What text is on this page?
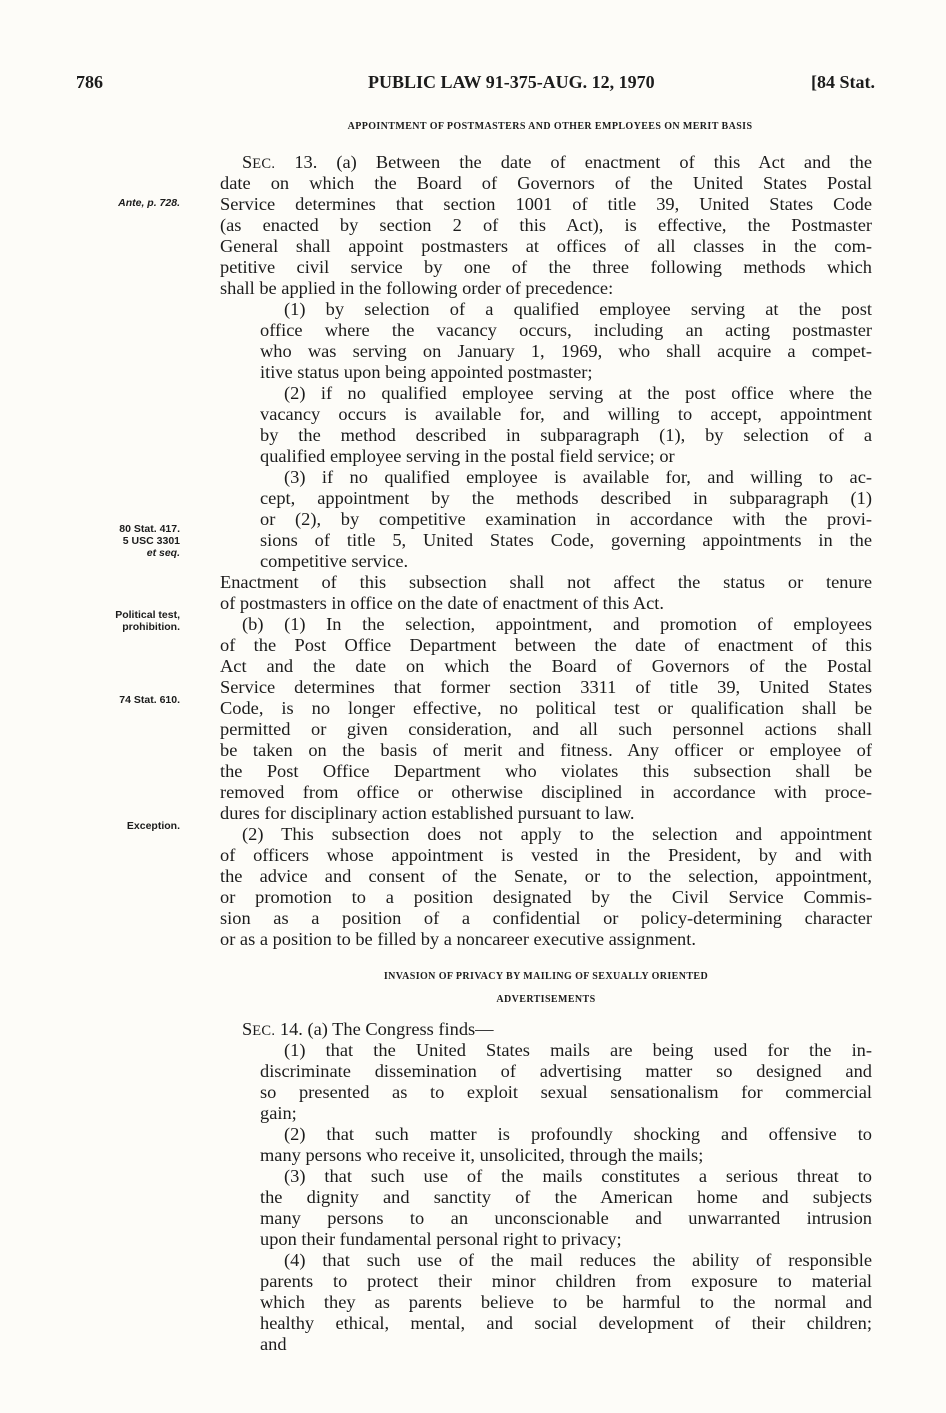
786	PUBLIC LAW 91-375-AUG. 12, 1970	[84 Stat.
APPOINTMENT OF POSTMASTERS AND OTHER EMPLOYEES ON MERIT BASIS
SEC. 13. (a) Between the date of enactment of this Act and the
date on which the Board of Governors of the United States Postal
Service determines that section 1001 of title 39, United States Code
(as enacted by section 2 of this Act), is effective, the Postmaster
General shall appoint postmasters at offices of all classes in the com-
petitive civil service by one of the three following methods which
shall be applied in the following order of precedence:
(1) by selection of a qualified employee serving at the post
office where the vacancy occurs, including an acting postmaster
who was serving on January 1, 1969, who shall acquire a compet-
itive status upon being appointed postmaster;
(2) if no qualified employee serving at the post office where the
vacancy occurs is available for, and willing to accept, appointment
by the method described in subparagraph (1), by selection of a
qualified employee serving in the postal field service; or
(3) if no qualified employee is available for, and willing to ac-
cept, appointment by the methods described in subparagraph (1)
or (2), by competitive examination in accordance with the provi-
sions of title 5, United States Code, governing appointments in the
competitive service.
Enactment of this subsection shall not affect the status or tenure
of postmasters in office on the date of enactment of this Act.
(b) (1) In the selection, appointment, and promotion of employees
of the Post Office Department between the date of enactment of this
Act and the date on which the Board of Governors of the Postal
Service determines that former section 3311 of title 39, United States
Code, is no longer effective, no political test or qualification shall be
permitted or given consideration, and all such personnel actions shall
be taken on the basis of merit and fitness. Any officer or employee of
the Post Office Department who violates this subsection shall be
removed from office or otherwise disciplined in accordance with proce-
dures for disciplinary action established pursuant to law.
(2) This subsection does not apply to the selection and appointment
of officers whose appointment is vested in the President, by and with
the advice and consent of the Senate, or to the selection, appointment,
or promotion to a position designated by the Civil Service Commis-
sion as a position of a confidential or policy-determining character
or as a position to be filled by a noncareer executive assignment.
INVASION OF PRIVACY BY MAILING OF SEXUALLY ORIENTED
ADVERTISEMENTS
SEC. 14. (a) The Congress finds—
(1) that the United States mails are being used for the in-
discriminate dissemination of advertising matter so designed and
so presented as to exploit sexual sensationalism for commercial
gain;
(2) that such matter is profoundly shocking and offensive to
many persons who receive it, unsolicited, through the mails;
(3) that such use of the mails constitutes a serious threat to
the dignity and sanctity of the American home and subjects
many persons to an unconscionable and unwarranted intrusion
upon their fundamental personal right to privacy;
(4) that such use of the mail reduces the ability of responsible
parents to protect their minor children from exposure to material
which they as parents believe to be harmful to the normal and
healthy ethical, mental, and social development of their children;
and
Ante, p. 728.
80 Stat. 417.
5 USC 3301
et seq.
Political test,
prohibition.
74 Stat. 610.
Exception.
